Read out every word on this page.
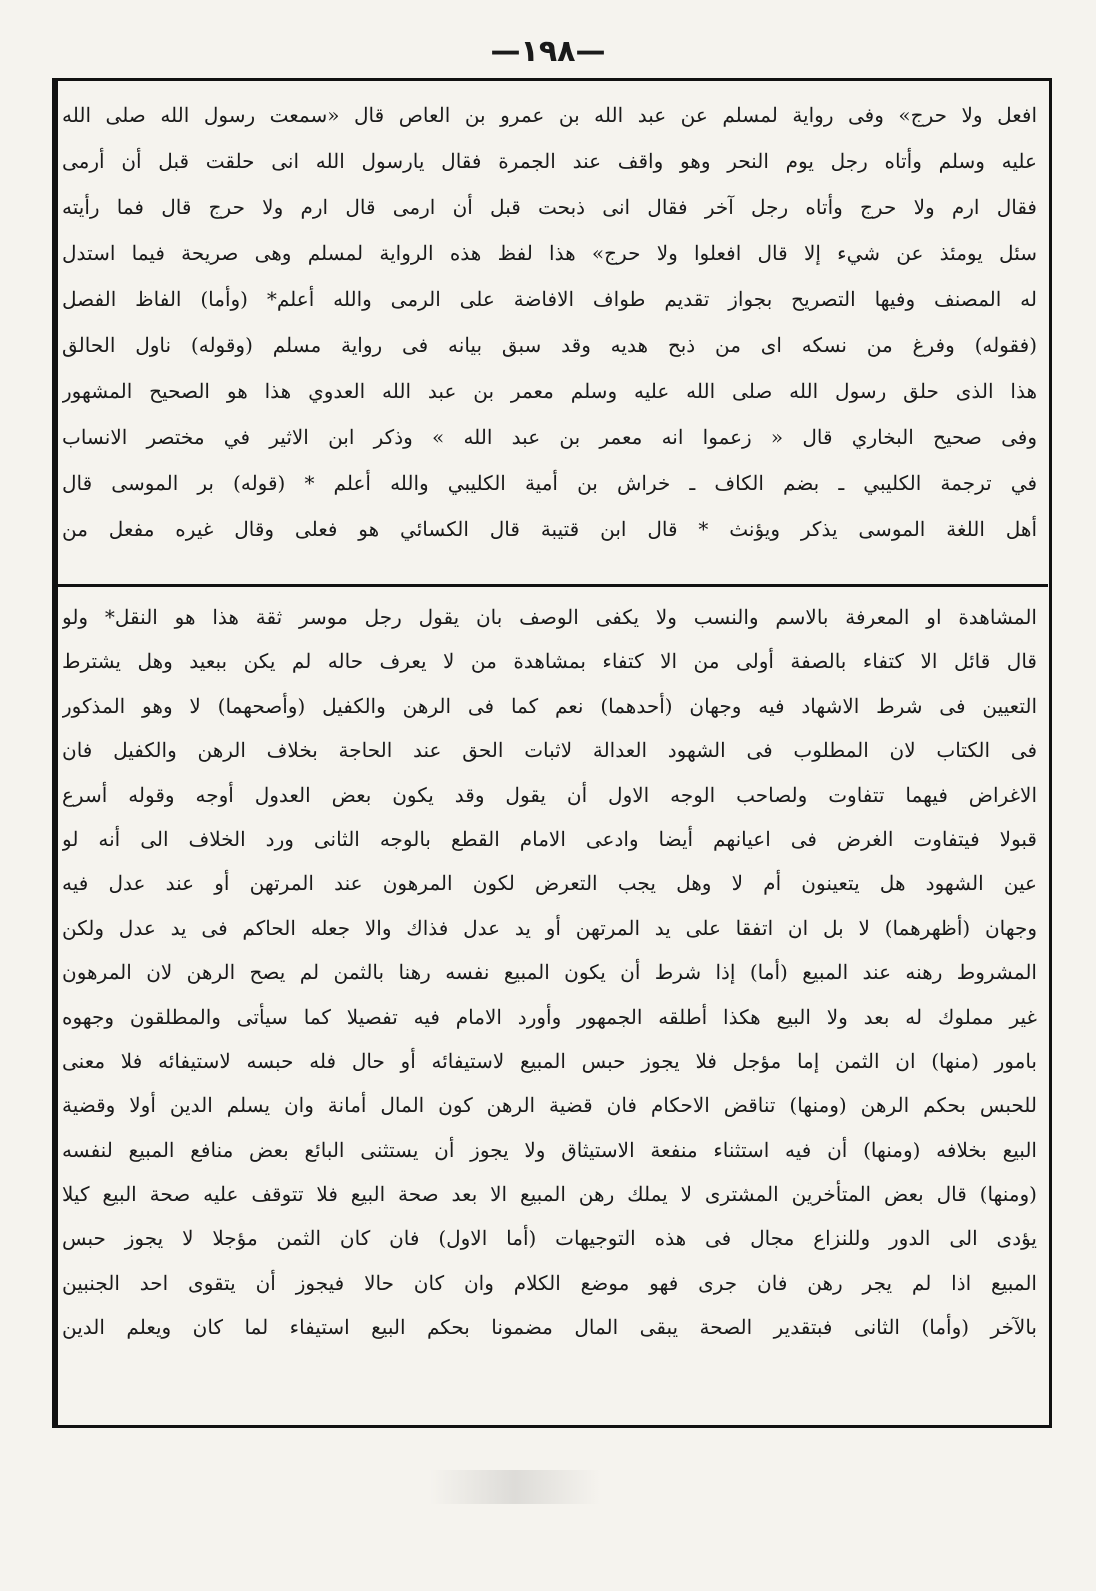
—١٩٨—
افعل ولا حرج» وفى رواية لمسلم عن عبد الله بن عمرو بن العاص قال «سمعت رسول الله صلى الله
عليه وسلم وأتاه رجل يوم النحر وهو واقف عند الجمرة فقال يارسول الله انى حلقت قبل أن أرمى
فقال ارم ولا حرج وأتاه رجل آخر فقال انى ذبحت قبل أن ارمى قال ارم ولا حرج قال فما رأيته
سئل يومئذ عن شيء إلا قال افعلوا ولا حرج» هذا لفظ هذه الرواية لمسلم وهى صريحة فيما استدل
له المصنف وفيها التصريح بجواز تقديم طواف الافاضة على الرمى والله أعلم* (وأما) الفاظ الفصل
(فقوله) وفرغ من نسكه اى من ذبح هديه وقد سبق بيانه فى رواية مسلم (وقوله) ناول الحالق
هذا الذى حلق رسول الله صلى الله عليه وسلم معمر بن عبد الله العدوي هذا هو الصحيح المشهور
وفى صحيح البخاري قال « زعموا انه معمر بن عبد الله » وذكر ابن الاثير في مختصر الانساب
في ترجمة الكليبي ـ بضم الكاف ـ خراش بن أمية الكليبي والله أعلم * (قوله) بر الموسى قال
أهل اللغة الموسى يذكر ويؤنث * قال ابن قتيبة قال الكسائي هو فعلى وقال غيره مفعل من
المشاهدة او المعرفة بالاسم والنسب ولا يكفى الوصف بان يقول رجل موسر ثقة هذا هو النقل* ولو
قال قائل الا كتفاء بالصفة أولى من الا كتفاء بمشاهدة من لا يعرف حاله لم يكن ببعيد وهل يشترط
التعيين فى شرط الاشهاد فيه وجهان (أحدهما) نعم كما فى الرهن والكفيل (وأصحهما) لا وهو المذكور
فى الكتاب لان المطلوب فى الشهود العدالة لاثبات الحق عند الحاجة بخلاف الرهن والكفيل فان
الاغراض فيهما تتفاوت ولصاحب الوجه الاول أن يقول وقد يكون بعض العدول أوجه وقوله أسرع
قبولا فيتفاوت الغرض فى اعيانهم أيضا وادعى الامام القطع بالوجه الثانى ورد الخلاف الى أنه لو
عين الشهود هل يتعينون أم لا وهل يجب التعرض لكون المرهون عند المرتهن أو عند عدل فيه
وجهان (أظهرهما) لا بل ان اتفقا على يد المرتهن أو يد عدل فذاك والا جعله الحاكم فى يد عدل ولكن
المشروط رهنه عند المبيع (أما) إذا شرط أن يكون المبيع نفسه رهنا بالثمن لم يصح الرهن لان المرهون
غير مملوك له بعد ولا البيع هكذا أطلقه الجمهور وأورد الامام فيه تفصيلا كما سيأتى والمطلقون وجهوه
بامور (منها) ان الثمن إما مؤجل فلا يجوز حبس المبيع لاستيفائه أو حال فله حبسه لاستيفائه فلا معنى
للحبس بحكم الرهن (ومنها) تناقض الاحكام فان قضية الرهن كون المال أمانة وان يسلم الدين أولا وقضية
البيع بخلافه (ومنها) أن فيه استثناء منفعة الاستيثاق ولا يجوز أن يستثنى البائع بعض منافع المبيع لنفسه
(ومنها) قال بعض المتأخرين المشترى لا يملك رهن المبيع الا بعد صحة البيع فلا تتوقف عليه صحة البيع كيلا
يؤدى الى الدور وللنزاع مجال فى هذه التوجيهات (أما الاول) فان كان الثمن مؤجلا لا يجوز حبس
المبيع اذا لم يجر رهن فان جرى فهو موضع الكلام وان كان حالا فيجوز أن يتقوى احد الجنبين
بالآخر (وأما) الثانى فبتقدير الصحة يبقى المال مضمونا بحكم البيع استيفاء لما كان ويعلم الدين
